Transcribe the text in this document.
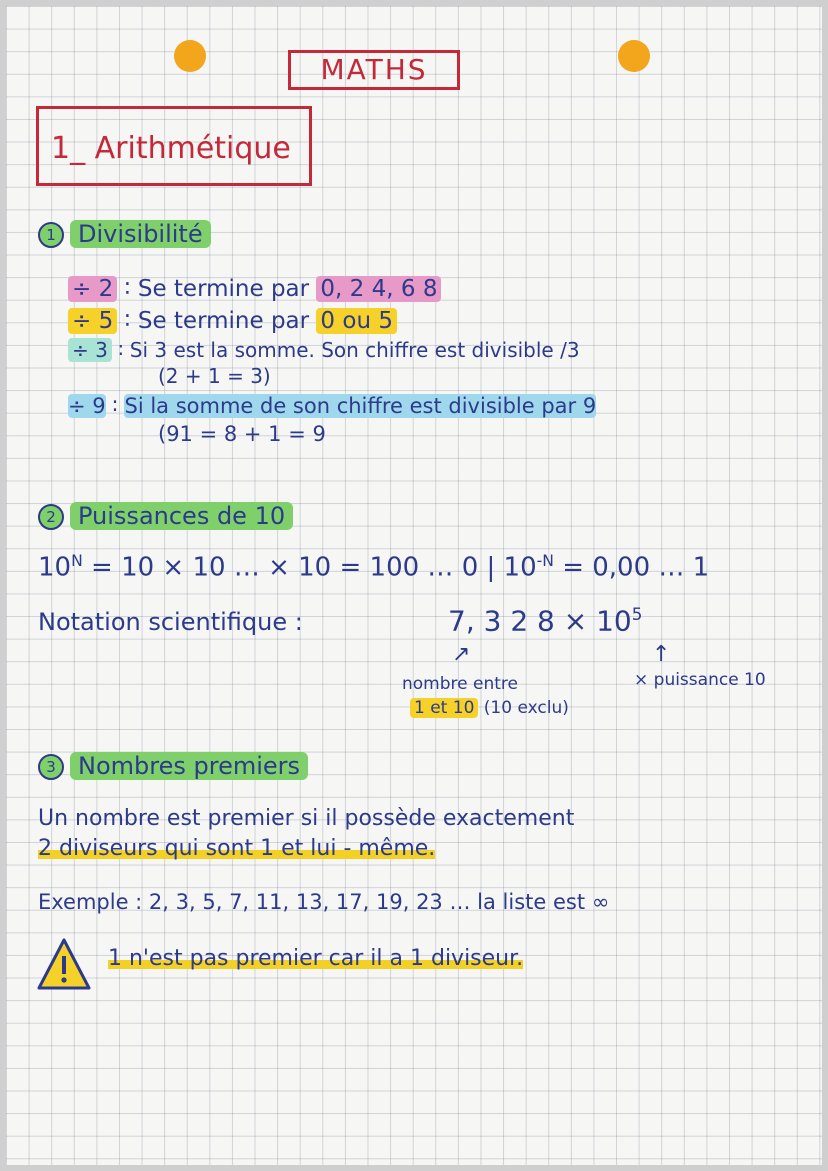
MATHS
1_ Arithmétique
1 Divisibilité
÷ 2 ∶ Se termine par 0, 2 4, 6 8
÷ 5 ∶ Se termine par 0 ou 5
÷ 3 ∶ Si 3 est la somme. Son chiffre est divisible /3
(2 + 1 = 3)
÷ 9 ∶ Si la somme de son chiffre est divisible par 9
(91 = 8 + 1 = 9
2 Puissances de 10
$10^N = 10 \times 10$ … × 10 = 100 … 0 | $10^{-N} = 0,00$ … 1
Notation scientifique :	7, 3 2 $8 \times 10^5$
↗	↑
nombre entre
1 et 10 (10 exclu)
× puissance 10
3 Nombres premiers
Un nombre est premier si il possède exactement
2 diviseurs qui sont 1 et lui - même.
Exemple : 2, 3, 5, 7, 11, 13, 17, 19, 23 … la liste est ∞
1 n'est pas premier car il a 1 diviseur.
